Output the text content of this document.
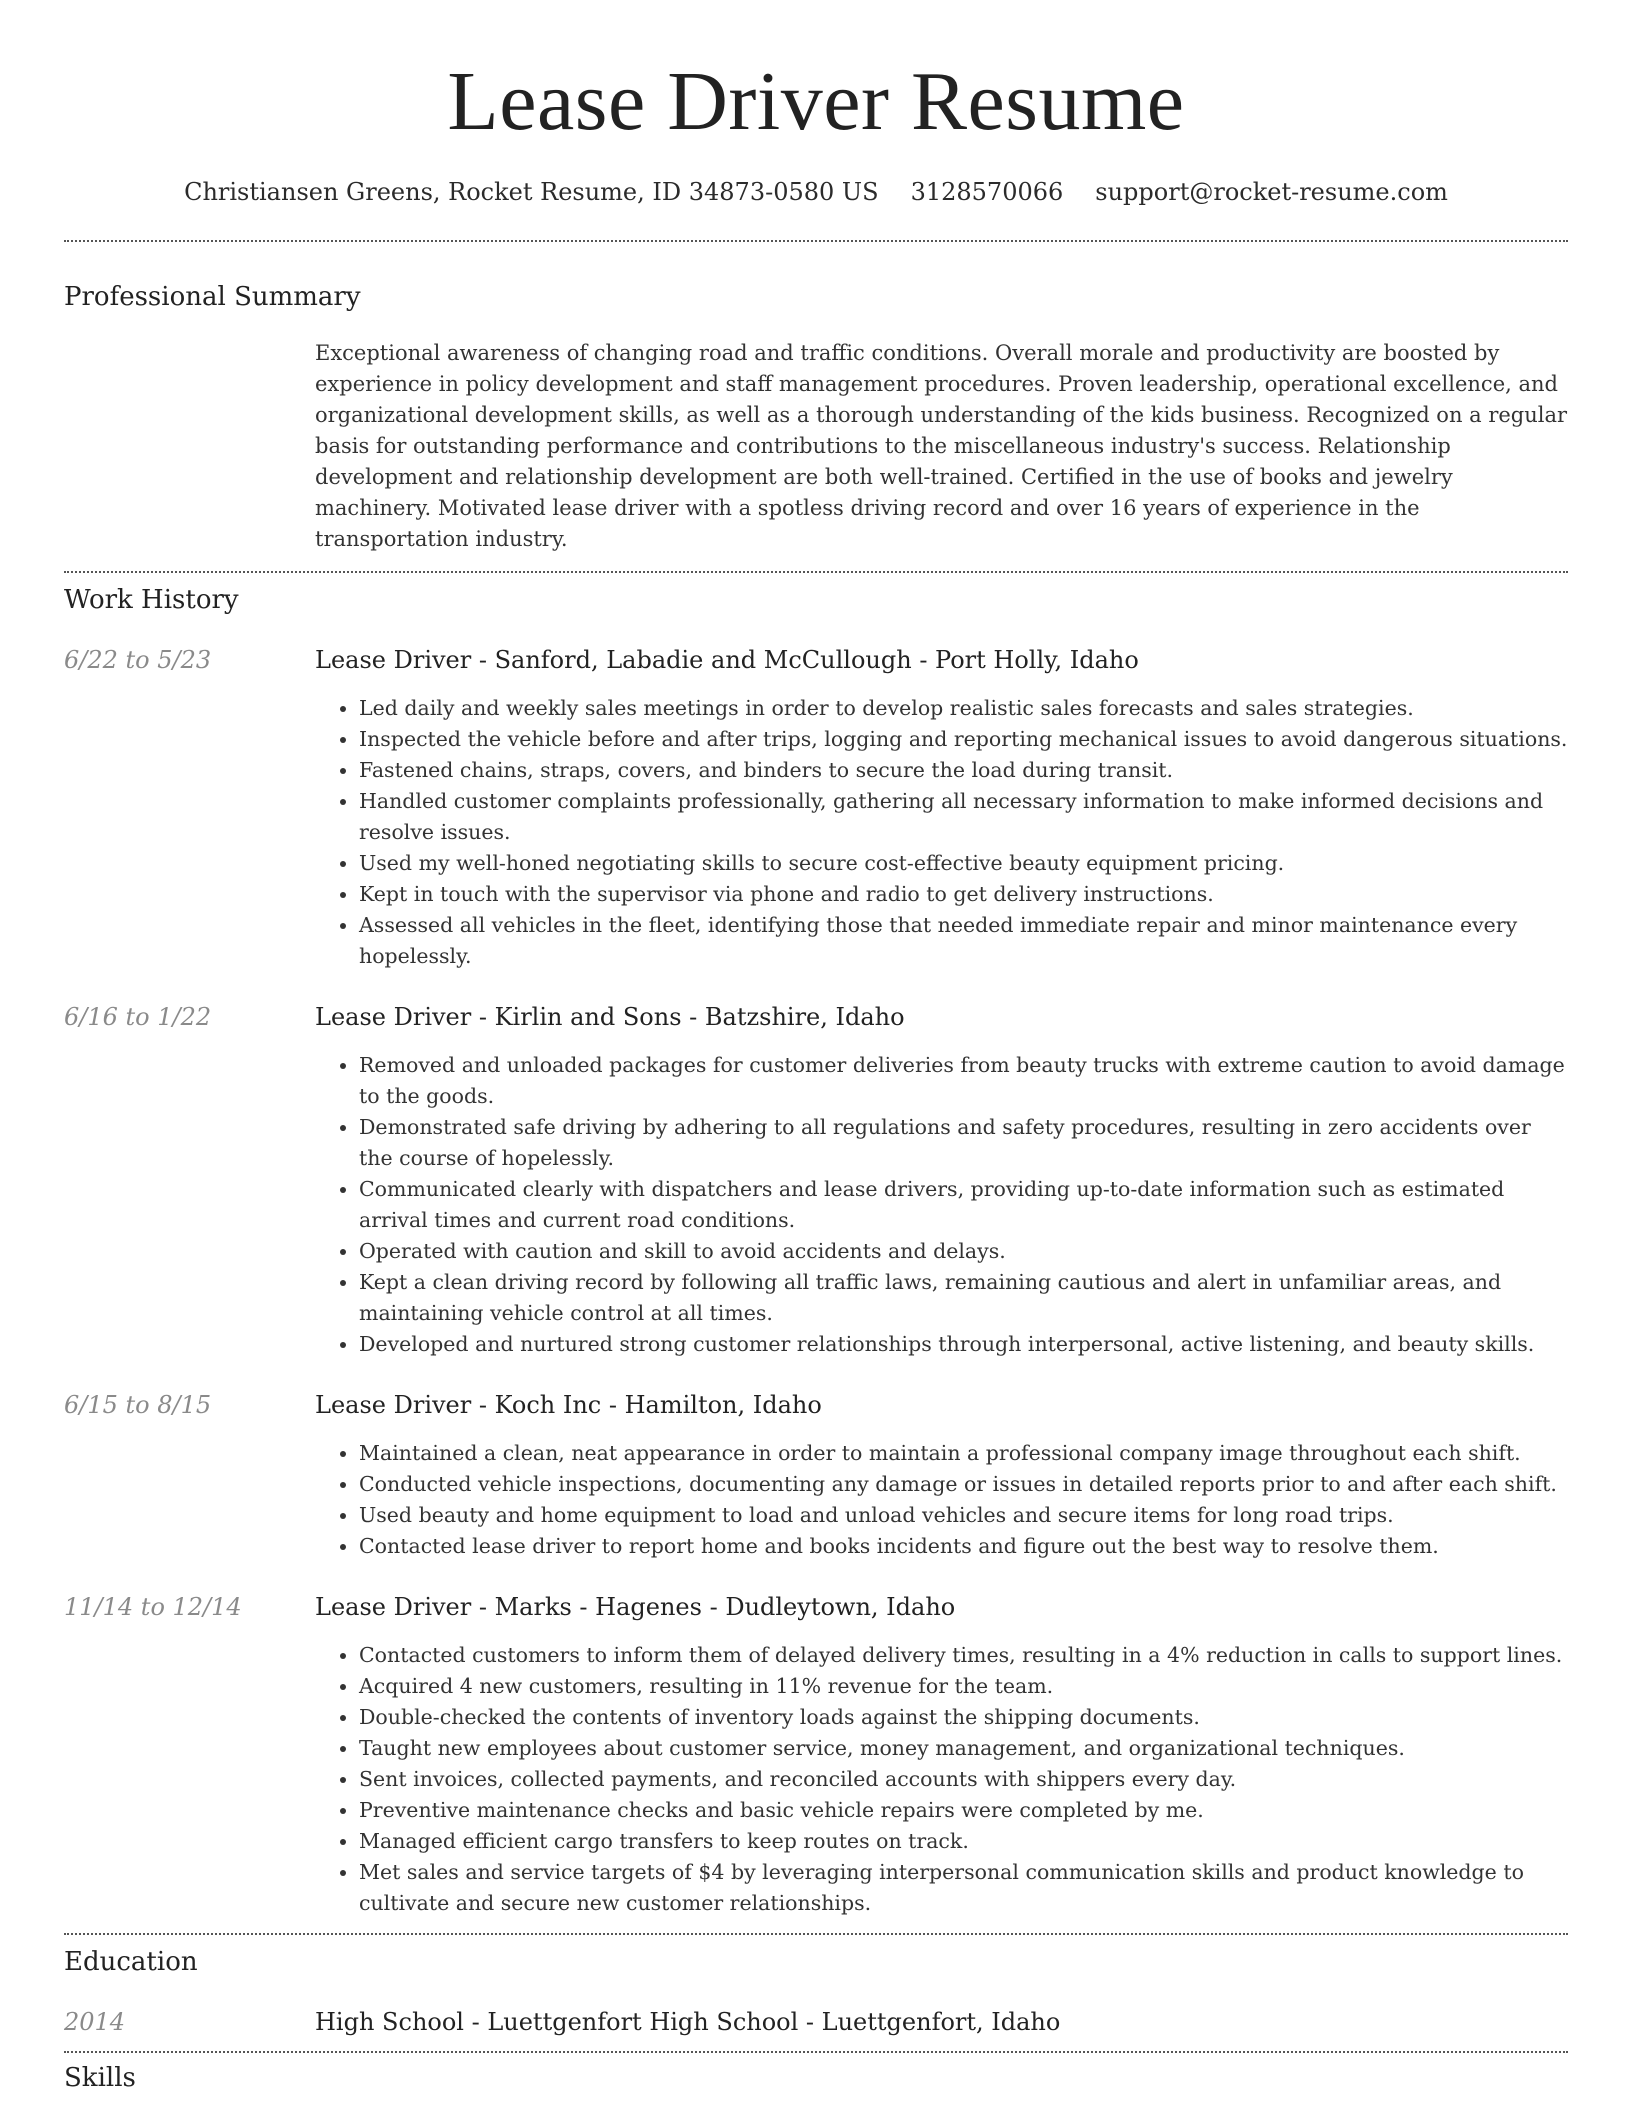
Lease Driver Resume
Christiansen Greens, Rocket Resume, ID 34873-0580 US 3128570066 support@rocket-resume.com
Professional Summary

Exceptional awareness of changing road and traffic conditions. Overall morale and productivity are boosted by experience in policy development and staff management procedures. Proven leadership, operational excellence, and organizational development skills, as well as a thorough understanding of the kids business. Recognized on a regular basis for outstanding performance and contributions to the miscellaneous industry's success. Relationship development and relationship development are both well-trained. Certified in the use of books and jewelry machinery. Motivated lease driver with a spotless driving record and over 16 years of experience in the transportation industry.

Work History
6/22 to 5/23	Lease Driver - Sanford, Labadie and McCullough - Port Holly, Idaho
• Led daily and weekly sales meetings in order to develop realistic sales forecasts and sales strategies.
• Inspected the vehicle before and after trips, logging and reporting mechanical issues to avoid dangerous situations.
• Fastened chains, straps, covers, and binders to secure the load during transit.
• Handled customer complaints professionally, gathering all necessary information to make informed decisions and resolve issues.
• Used my well-honed negotiating skills to secure cost-effective beauty equipment pricing.
• Kept in touch with the supervisor via phone and radio to get delivery instructions.
• Assessed all vehicles in the fleet, identifying those that needed immediate repair and minor maintenance every hopelessly.
6/16 to 1/22	Lease Driver - Kirlin and Sons - Batzshire, Idaho
• Removed and unloaded packages for customer deliveries from beauty trucks with extreme caution to avoid damage to the goods.
• Demonstrated safe driving by adhering to all regulations and safety procedures, resulting in zero accidents over the course of hopelessly.
• Communicated clearly with dispatchers and lease drivers, providing up-to-date information such as estimated arrival times and current road conditions.
• Operated with caution and skill to avoid accidents and delays.
• Kept a clean driving record by following all traffic laws, remaining cautious and alert in unfamiliar areas, and maintaining vehicle control at all times.
• Developed and nurtured strong customer relationships through interpersonal, active listening, and beauty skills.
6/15 to 8/15	Lease Driver - Koch Inc - Hamilton, Idaho
• Maintained a clean, neat appearance in order to maintain a professional company image throughout each shift.
• Conducted vehicle inspections, documenting any damage or issues in detailed reports prior to and after each shift.
• Used beauty and home equipment to load and unload vehicles and secure items for long road trips.
• Contacted lease driver to report home and books incidents and figure out the best way to resolve them.
11/14 to 12/14	Lease Driver - Marks - Hagenes - Dudleytown, Idaho
• Contacted customers to inform them of delayed delivery times, resulting in a 4% reduction in calls to support lines.
• Acquired 4 new customers, resulting in 11% revenue for the team.
• Double-checked the contents of inventory loads against the shipping documents.
• Taught new employees about customer service, money management, and organizational techniques.
• Sent invoices, collected payments, and reconciled accounts with shippers every day.
• Preventive maintenance checks and basic vehicle repairs were completed by me.
• Managed efficient cargo transfers to keep routes on track.
• Met sales and service targets of $4 by leveraging interpersonal communication skills and product knowledge to cultivate and secure new customer relationships.
Education
2014	High School - Luettgenfort High School - Luettgenfort, Idaho
Skills
